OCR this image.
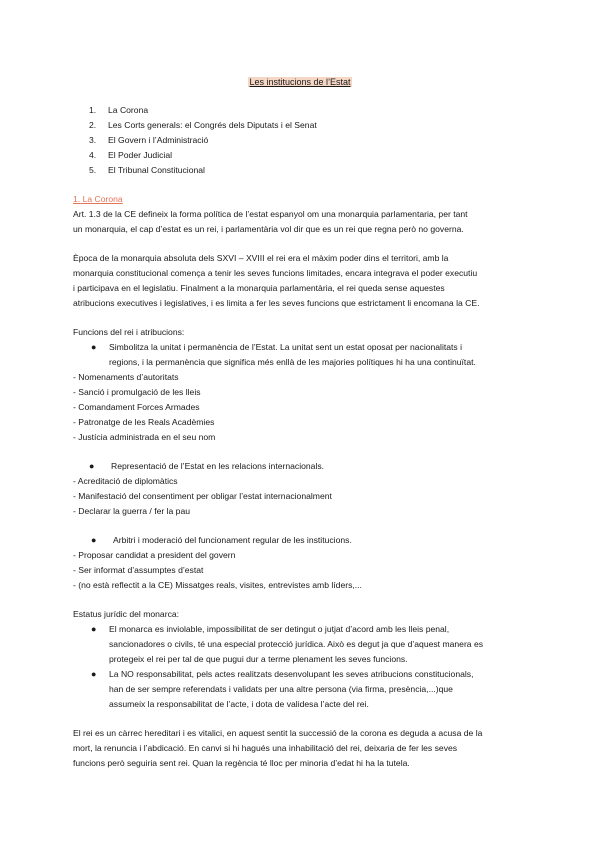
Les institucions de l’Estat
1. La Corona
2. Les Corts generals: el Congrés dels Diputats i el Senat
3. El Govern i l’Administració
4. El Poder Judicial
5. El Tribunal Constitucional
1. La Corona
Art. 1.3 de la CE defineix la forma política de l’estat espanyol om una monarquia parlamentaria, per tant
un monarquia, el cap d’estat es un rei, i parlamentària vol dir que es un rei que regna però no governa.
Època de la monarquia absoluta dels SXVI – XVIII el rei era el màxim poder dins el territori, amb la
monarquia constitucional comença a tenir les seves funcions limitades, encara integrava el poder executiu
i participava en el legislatiu. Finalment a la monarquia parlamentària, el rei queda sense aquestes
atribucions executives i legislatives, i es limita a fer les seves funcions que estrictament li encomana la CE.
Funcions del rei i atribucions:
● Simbolitza la unitat i permanència de l’Estat. La unitat sent un estat oposat per nacionalitats i
regions, i la permanència que significa més enllà de les majories polítiques hi ha una continuïtat.
- Nomenaments d’autoritats
- Sanció i promulgació de les lleis
- Comandament Forces Armades
- Patronatge de les Reals Acadèmies
- Justícia administrada en el seu nom
● Representació de l’Estat en les relacions internacionals.
- Acreditació de diplomàtics
- Manifestació del consentiment per obligar l’estat internacionalment
- Declarar la guerra / fer la pau
● Arbitri i moderació del funcionament regular de les institucions.
- Proposar candidat a president del govern
- Ser informat d’assumptes d’estat
- (no està reflectit a la CE) Missatges reals, visites, entrevistes amb líders,...
Estatus jurídic del monarca:
● El monarca es inviolable, impossibilitat de ser detingut o jutjat d’acord amb les lleis penal,
sancionadores o civils, té una especial protecció jurídica. Això es degut ja que d’aquest manera es
protegeix el rei per tal de que pugui dur a terme plenament les seves funcions.
● La NO responsabilitat, pels actes realitzats desenvolupant les seves atribucions constitucionals,
han de ser sempre referendats i validats per una altre persona (via firma, presència,...)que
assumeix la responsabilitat de l’acte, i dota de validesa l’acte del rei.
El rei es un càrrec hereditari i es vitalici, en aquest sentit la successió de la corona es deguda a acusa de la
mort, la renuncia i l’abdicació. En canvi si hi hagués una inhabilitació del rei, deixaria de fer les seves
funcions però seguiria sent rei. Quan la regència té lloc per minoria d’edat hi ha la tutela.
